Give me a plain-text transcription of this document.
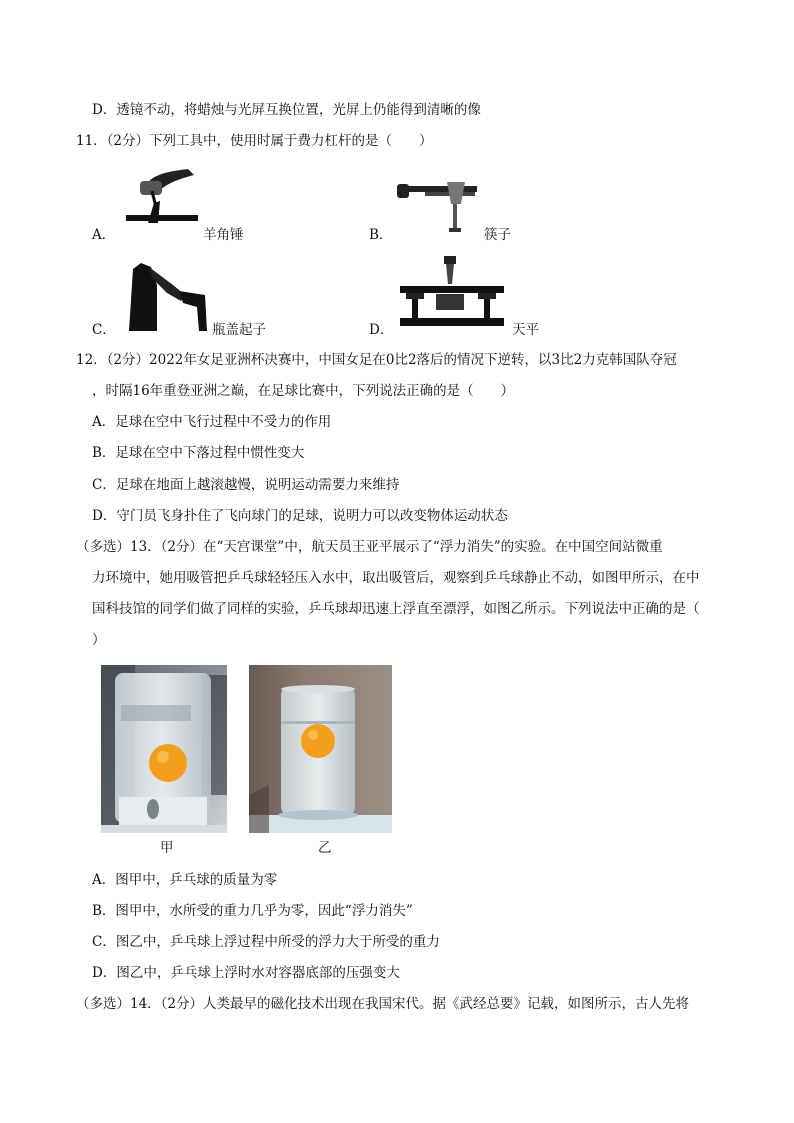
D．透镜不动，将蜡烛与光屏互换位置，光屏上仍能得到清晰的像
11．（2分）下列工具中，使用时属于费力杠杆的是（　　）
A．	羊角锤	B．	筷子
C．	瓶盖起子	D．	天平
12．（2分）2022年女足亚洲杯决赛中，中国女足在0比2落后的情况下逆转，以3比2力克韩国队夺冠
，时隔16年重登亚洲之巅，在足球比赛中，下列说法正确的是（　　）
A．足球在空中飞行过程中不受力的作用
B．足球在空中下落过程中惯性变大
C．足球在地面上越滚越慢，说明运动需要力来维持
D．守门员飞身扑住了飞向球门的足球，说明力可以改变物体运动状态
（多选）13．（2分）在“天宫课堂”中，航天员王亚平展示了“浮力消失”的实验。在中国空间站微重
力环境中，她用吸管把乒乓球轻轻压入水中，取出吸管后，观察到乒乓球静止不动，如图甲所示，在中
国科技馆的同学们做了同样的实验，乒乓球却迅速上浮直至漂浮，如图乙所示。下列说法中正确的是（
）
甲	乙
A．图甲中，乒乓球的质量为零
B．图甲中，水所受的重力几乎为零，因此“浮力消失”
C．图乙中，乒乓球上浮过程中所受的浮力大于所受的重力
D．图乙中，乒乓球上浮时水对容器底部的压强变大
（多选）14．（2分）人类最早的磁化技术出现在我国宋代。据《武经总要》记载，如图所示，古人先将
